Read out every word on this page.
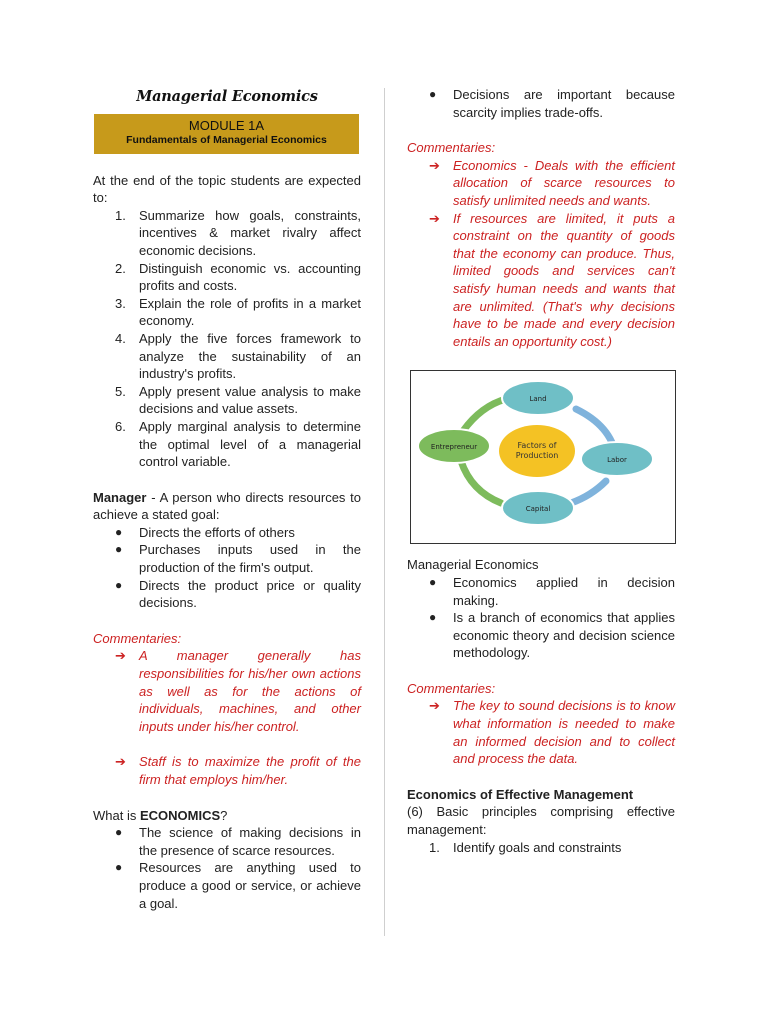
Managerial Economics
MODULE 1A
Fundamentals of Managerial Economics

At the end of the topic students are expected to:

1. Summarize how goals, constraints, incentives & market rivalry affect economic decisions.
2. Distinguish economic vs. accounting profits and costs.
3. Explain the role of profits in a market economy.
4. Apply the five forces framework to analyze the sustainability of an industry's profits.
5. Apply present value analysis to make decisions and value assets.
6. Apply marginal analysis to determine the optimal level of a managerial control variable.

Manager - A person who directs resources to achieve a stated goal:

● Directs the efforts of others
● Purchases inputs used in the production of the firm's output.
● Directs the product price or quality decisions.

Commentaries:

➔ A manager generally has responsibilities for his/her own actions as well as for the actions of individuals, machines, and other inputs under his/her control.
➔ Staff is to maximize the profit of the firm that employs him/her.

What is ECONOMICS?

● The science of making decisions in the presence of scarce resources.
● Resources are anything used to produce a good or service, or achieve a goal.
● Decisions are important because scarcity implies trade-offs.

Commentaries:

➔ Economics - Deals with the efficient allocation of scarce resources to satisfy unlimited needs and wants.
➔ If resources are limited, it puts a constraint on the quantity of goods that the economy can produce. Thus, limited goods and services can't satisfy human needs and wants that are unlimited. (That's why decisions have to be made and every decision entails an opportunity cost.)
Factors of
Production
Land
Labor
Capital
Entrepreneur

Managerial Economics

● Economics applied in decision making.
● Is a branch of economics that applies economic theory and decision science methodology.

Commentaries:

➔ The key to sound decisions is to know what information is needed to make an informed decision and to collect and process the data.

Economics of Effective Management

(6) Basic principles comprising effective management:

1. Identify goals and constraints
